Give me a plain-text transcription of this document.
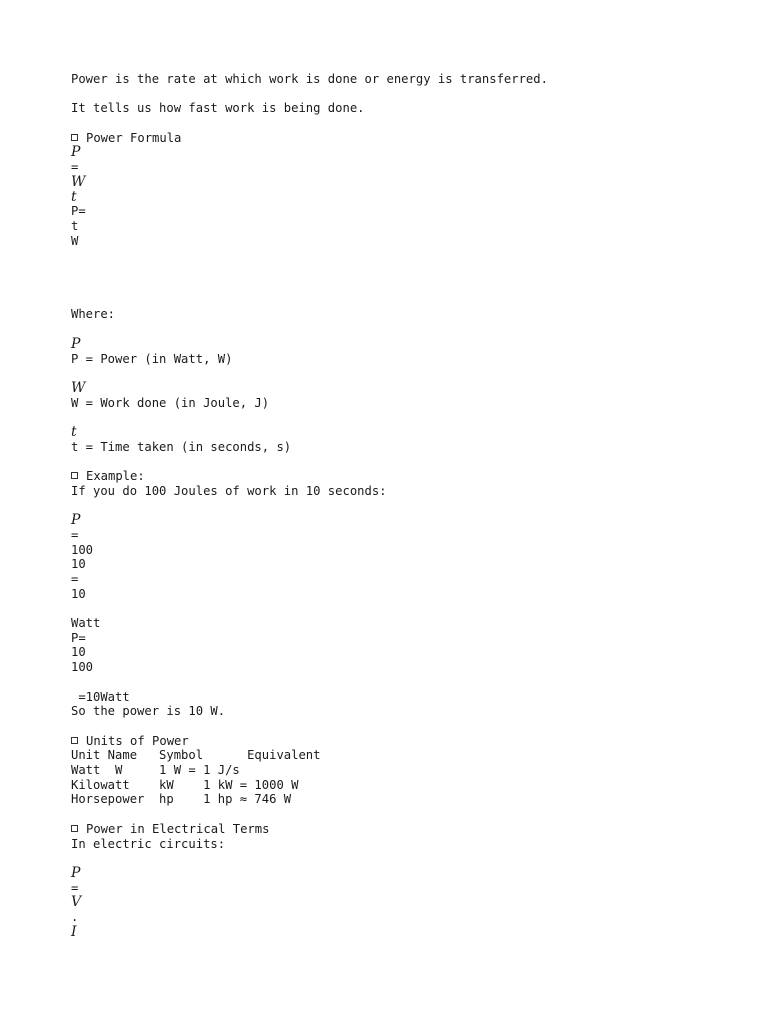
Power is the rate at which work is done or energy is transferred.
It tells us how fast work is being done.
Power Formula
P
=
W
t
P=
t
W
Where:
P
P = Power (in Watt, W)
W
W = Work done (in Joule, J)
t
t = Time taken (in seconds, s)
Example:
If you do 100 Joules of work in 10 seconds:
P
=
100
10
=
10
Watt
P=
10
100
=10Watt
So the power is 10 W.
Units of Power
Unit Name   Symbol      Equivalent
Watt  W     1 W = 1 J/s
Kilowatt    kW    1 kW = 1000 W
Horsepower  hp    1 hp ≈ 746 W
Power in Electrical Terms
In electric circuits:
P
=
V
.
I
